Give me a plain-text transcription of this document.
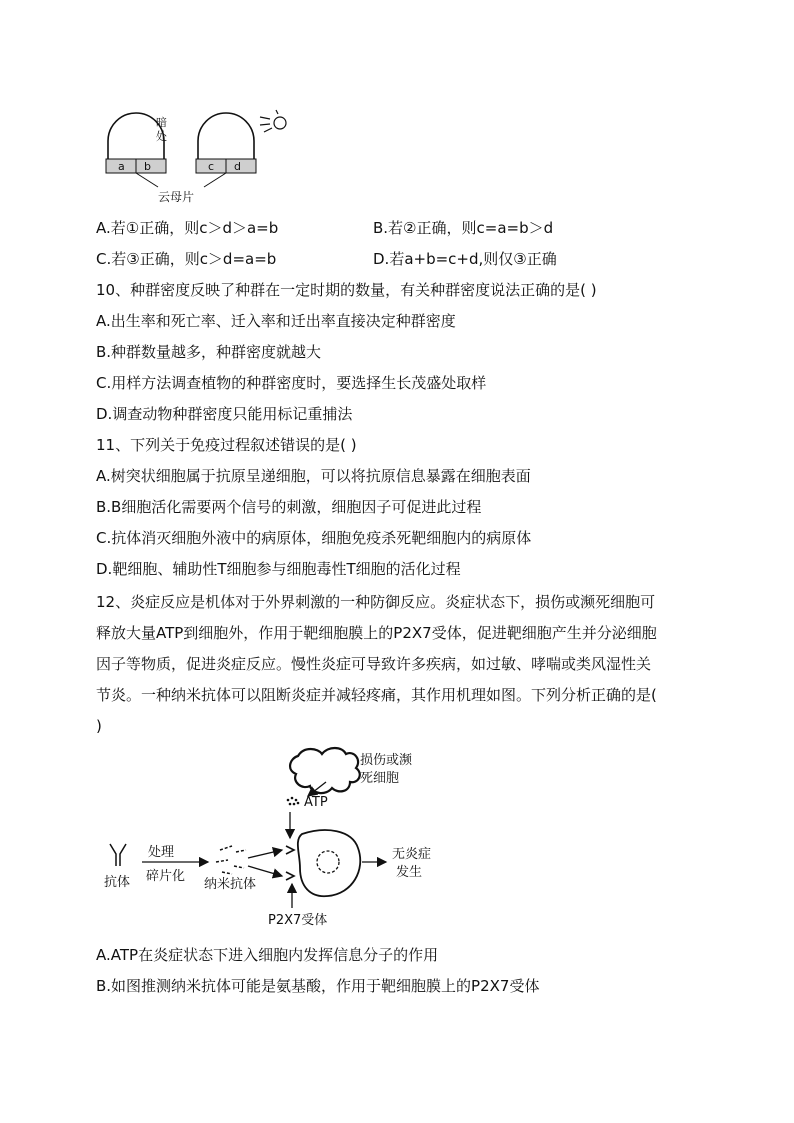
a b
暗
处
c d
云母片
A.若①正确，则c＞d＞a=b	B.若②正确，则c=a=b＞d
C.若③正确，则c＞d=a=b	D.若a+b=c+d,则仅③正确
10、种群密度反映了种群在一定时期的数量，有关种群密度说法正确的是( )
A.出生率和死亡率、迁入率和迁出率直接决定种群密度
B.种群数量越多，种群密度就越大
C.用样方法调查植物的种群密度时，要选择生长茂盛处取样
D.调查动物种群密度只能用标记重捕法
11、下列关于免疫过程叙述错误的是( )
A.树突状细胞属于抗原呈递细胞，可以将抗原信息暴露在细胞表面
B.B细胞活化需要两个信号的刺激，细胞因子可促进此过程
C.抗体消灭细胞外液中的病原体，细胞免疫杀死靶细胞内的病原体
D.靶细胞、辅助性T细胞参与细胞毒性T细胞的活化过程
12、炎症反应是机体对于外界刺激的一种防御反应。炎症状态下，损伤或濒死细胞可
释放大量ATP到细胞外，作用于靶细胞膜上的P2X7受体，促进靶细胞产生并分泌细胞
因子等物质，促进炎症反应。慢性炎症可导致许多疾病，如过敏、哮喘或类风湿性关
节炎。一种纳米抗体可以阻断炎症并减轻疼痛，其作用机理如图。下列分析正确的是(
)
损伤或濒
死细胞
ATP
抗体
处理
碎片化
纳米抗体
无炎症
发生
P2X7受体
A.ATP在炎症状态下进入细胞内发挥信息分子的作用
B.如图推测纳米抗体可能是氨基酸，作用于靶细胞膜上的P2X7受体
